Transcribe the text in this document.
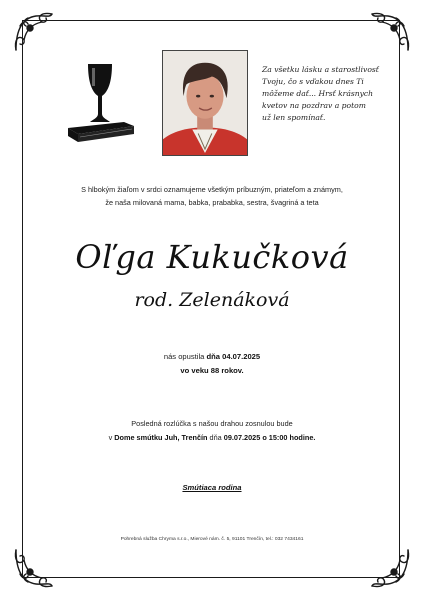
Za všetku lásku a starostlivosť
Tvoju, čo s vďakou dnes Ti
môžeme dať... Hrsť krásnych
kvetov na pozdrav a potom
už len spomínať.
S hlbokým žiaľom v srdci oznamujeme všetkým príbuzným, priateľom a známym,
že naša milovaná mama, babka, prababka, sestra, švagriná a teta
Oľga Kukučková
rod. Zelenáková
nás opustila dňa 04.07.2025
vo veku 88 rokov.
Posledná rozlúčka s našou drahou zosnulou bude
v Dome smútku Juh, Trenčín dňa 09.07.2025 o 15:00 hodine.
Smútiaca rodina
Pohrebná služba Chryma s.r.o., Mierové nám. č. 5, 91101 Trenčín, tel.: 032 7434161
